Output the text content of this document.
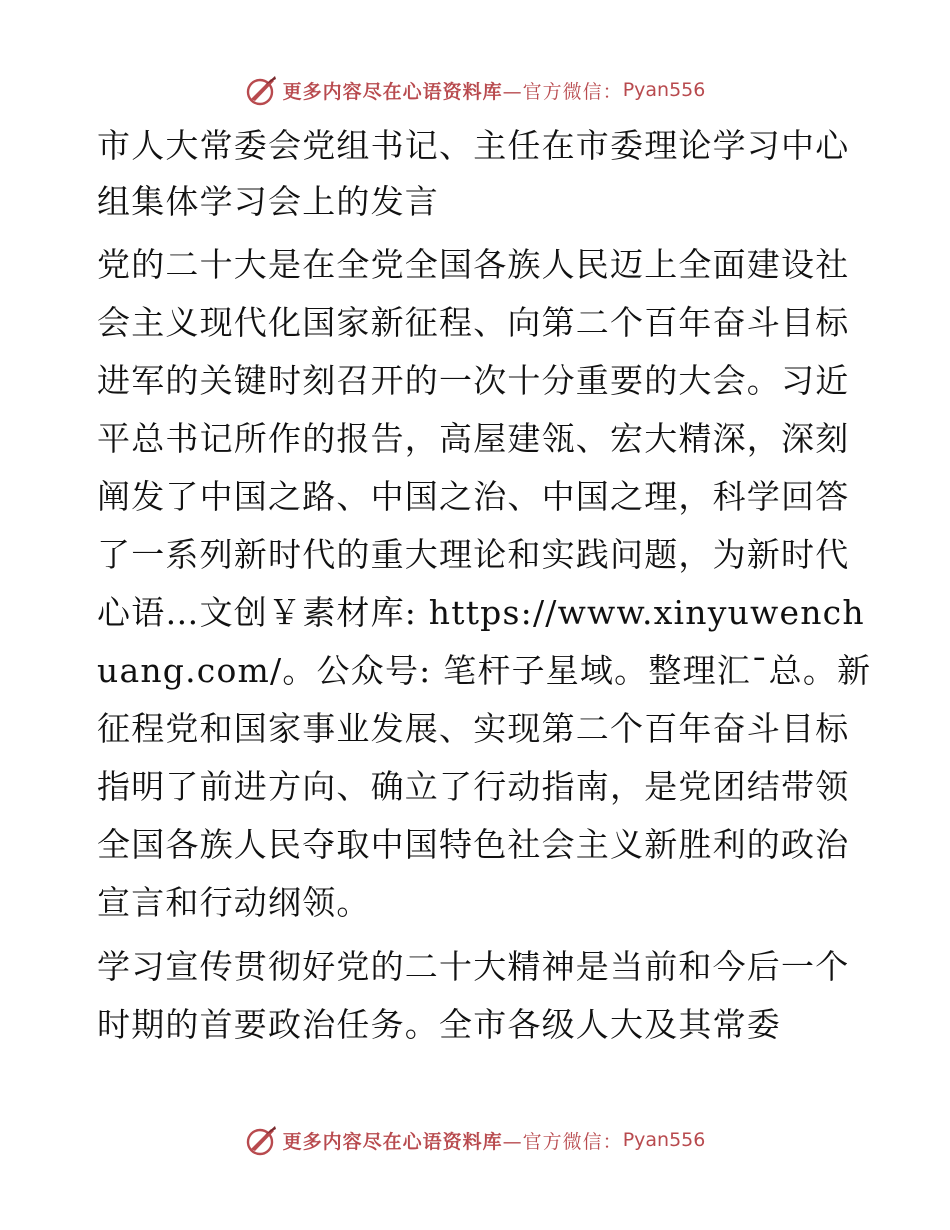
更多内容尽在心语资料库 —官方微信： Pyan556
市人大常委会党组书记、主任在市委理论学习中心组集体学习会上的发言

党的二十大是在全党全国各族人民迈上全面建设社会主义现代化国家新征程、向第二个百年奋斗目标进军的关键时刻召开的一次十分重要的大会。习近平总书记所作的报告，高屋建瓴、宏大精深，深刻阐发了中国之路、中国之治、中国之理，科学回答了一系列新时代的重大理论和实践问题，为新时代心语…文创￥素材库: https://www.xinyuwenchuang.com/。公众号: 笔杆子星域。整理汇¯总。新征程党和国家事业发展、实现第二个百年奋斗目标指明了前进方向、确立了行动指南，是党团结带领全国各族人民夺取中国特色社会主义新胜利的政治宣言和行动纲领。

学习宣传贯彻好党的二十大精神是当前和今后一个时期的首要政治任务。全市各级人大及其常委

更多内容尽在心语资料库 —官方微信： Pyan556
